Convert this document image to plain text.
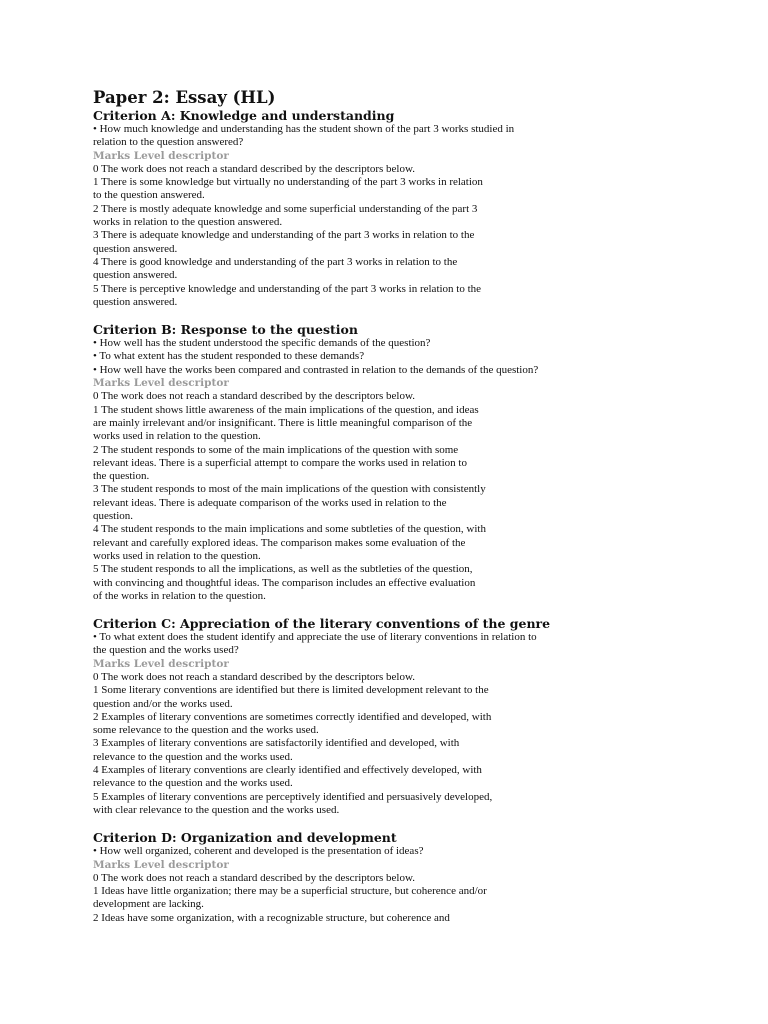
Paper 2: Essay (HL)
Criterion A: Knowledge and understanding
• How much knowledge and understanding has the student shown of the part 3 works studied in
relation to the question answered?
Marks Level descriptor
0 The work does not reach a standard described by the descriptors below.
1 There is some knowledge but virtually no understanding of the part 3 works in relation
to the question answered.
2 There is mostly adequate knowledge and some superficial understanding of the part 3
works in relation to the question answered.
3 There is adequate knowledge and understanding of the part 3 works in relation to the
question answered.
4 There is good knowledge and understanding of the part 3 works in relation to the
question answered.
5 There is perceptive knowledge and understanding of the part 3 works in relation to the
question answered.
Criterion B: Response to the question
• How well has the student understood the specific demands of the question?
• To what extent has the student responded to these demands?
• How well have the works been compared and contrasted in relation to the demands of the question?
Marks Level descriptor
0 The work does not reach a standard described by the descriptors below.
1 The student shows little awareness of the main implications of the question, and ideas
are mainly irrelevant and/or insignificant. There is little meaningful comparison of the
works used in relation to the question.
2 The student responds to some of the main implications of the question with some
relevant ideas. There is a superficial attempt to compare the works used in relation to
the question.
3 The student responds to most of the main implications of the question with consistently
relevant ideas. There is adequate comparison of the works used in relation to the
question.
4 The student responds to the main implications and some subtleties of the question, with
relevant and carefully explored ideas. The comparison makes some evaluation of the
works used in relation to the question.
5 The student responds to all the implications, as well as the subtleties of the question,
with convincing and thoughtful ideas. The comparison includes an effective evaluation
of the works in relation to the question.
Criterion C: Appreciation of the literary conventions of the genre
• To what extent does the student identify and appreciate the use of literary conventions in relation to
the question and the works used?
Marks Level descriptor
0 The work does not reach a standard described by the descriptors below.
1 Some literary conventions are identified but there is limited development relevant to the
question and/or the works used.
2 Examples of literary conventions are sometimes correctly identified and developed, with
some relevance to the question and the works used.
3 Examples of literary conventions are satisfactorily identified and developed, with
relevance to the question and the works used.
4 Examples of literary conventions are clearly identified and effectively developed, with
relevance to the question and the works used.
5 Examples of literary conventions are perceptively identified and persuasively developed,
with clear relevance to the question and the works used.
Criterion D: Organization and development
• How well organized, coherent and developed is the presentation of ideas?
Marks Level descriptor
0 The work does not reach a standard described by the descriptors below.
1 Ideas have little organization; there may be a superficial structure, but coherence and/or
development are lacking.
2 Ideas have some organization, with a recognizable structure, but coherence and
